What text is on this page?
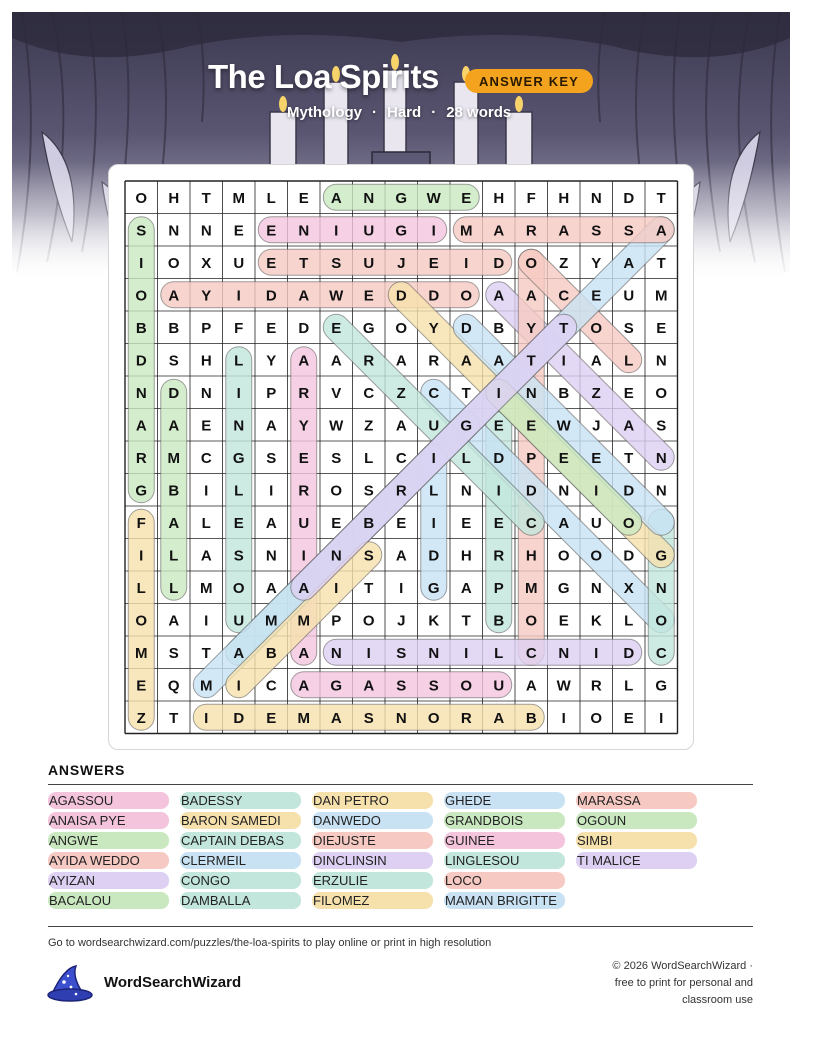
The Loa Spirits	ANSWER KEY
Mythology · Hard · 28 words
O H T M L E A N G W E H F H N D T
S N N E E N I U G I M A R A S S A
I O X U E T S U J E I D O Z Y A T
O A Y I D A W E D D O A A C E U M
B B P F E D E G O Y D B Y T O S E
D S H L Y A A R A R A A T I A L N
N D N I P R V C Z C T I N B Z E O
A A E N A Y W Z A U G E E W J A S
R M C G S E S L C I L D P E E T N
G B I L I R O S R L N I D N I D N
F A L E A U E B E I E E C A U O
I L A S N I N S A D H R H O O D G
L L M O A A I T I G A P M G N X N
O A I U M M P O J K T B O E K L O
M S T A B A N I S N I L C N I D C
E Q M I C A G A S S O U A W R L G
Z T I D E M A S N O R A B I O E I
ANSWERS
AGASSOU	BADESSY	DAN PETRO	GHEDE	MARASSA
ANAISA PYE	BARON SAMEDI	DANWEDO	GRANDBOIS	OGOUN
ANGWE	CAPTAIN DEBAS	DIEJUSTE	GUINEE	SIMBI
AYIDA WEDDO	CLERMEIL	DINCLINSIN	LINGLESOU	TI MALICE
AYIZAN	CONGO	ERZULIE	LOCO
BACALOU	DAMBALLA	FILOMEZ	MAMAN BRIGITTE
Go to wordsearchwizard.com/puzzles/the-loa-spirits to play online or print in high resolution
WordSearchWizard
© 2026 WordSearchWizard ·
free to print for personal and
classroom use
